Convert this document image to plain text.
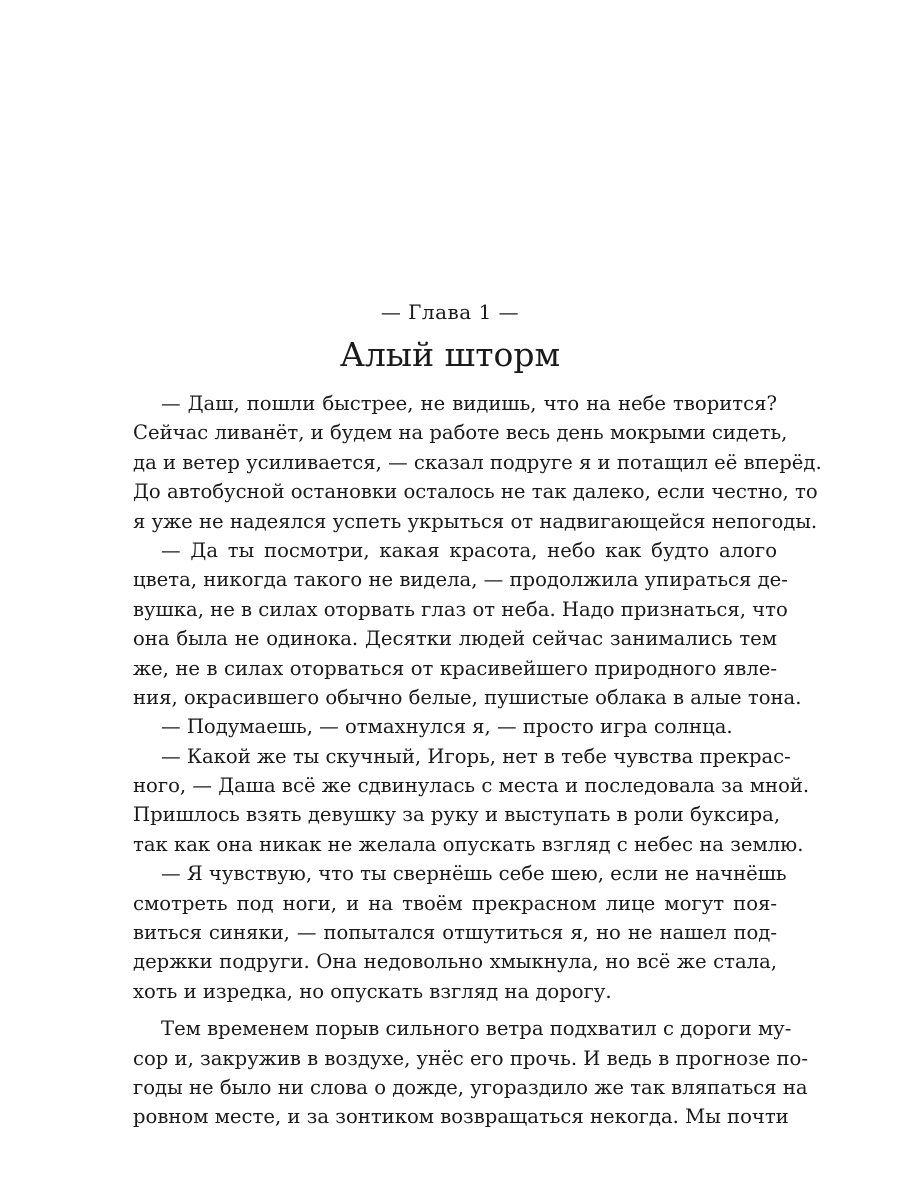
— Глава 1 —
Алый шторм
— Даш, пошли быстрее, не видишь, что на небе творится?
Сейчас ливанёт, и будем на работе весь день мокрыми сидеть,
да и ветер усиливается, — сказал подруге я и потащил её вперёд.
До автобусной остановки осталось не так далеко, если честно, то
я уже не надеялся успеть укрыться от надвигающейся непогоды.
— Да ты посмотри, какая красота, небо как будто алого
цвета, никогда такого не видела, — продолжила упираться де-
вушка, не в силах оторвать глаз от неба. Надо признаться, что
она была не одинока. Десятки людей сейчас занимались тем
же, не в силах оторваться от красивейшего природного явле-
ния, окрасившего обычно белые, пушистые облака в алые тона.
— Подумаешь, — отмахнулся я, — просто игра солнца.
— Какой же ты скучный, Игорь, нет в тебе чувства прекрас-
ного, — Даша всё же сдвинулась с места и последовала за мной.
Пришлось взять девушку за руку и выступать в роли буксира,
так как она никак не желала опускать взгляд с небес на землю.
— Я чувствую, что ты свернёшь себе шею, если не начнёшь
смотреть под ноги, и на твоём прекрасном лице могут поя-
виться синяки, — попытался отшутиться я, но не нашел под-
держки подруги. Она недовольно хмыкнула, но всё же стала,
хоть и изредка, но опускать взгляд на дорогу.
Тем временем порыв сильного ветра подхватил с дороги му-
сор и, закружив в воздухе, унёс его прочь. И ведь в прогнозе по-
годы не было ни слова о дожде, угораздило же так вляпаться на
ровном месте, и за зонтиком возвращаться некогда. Мы почти
